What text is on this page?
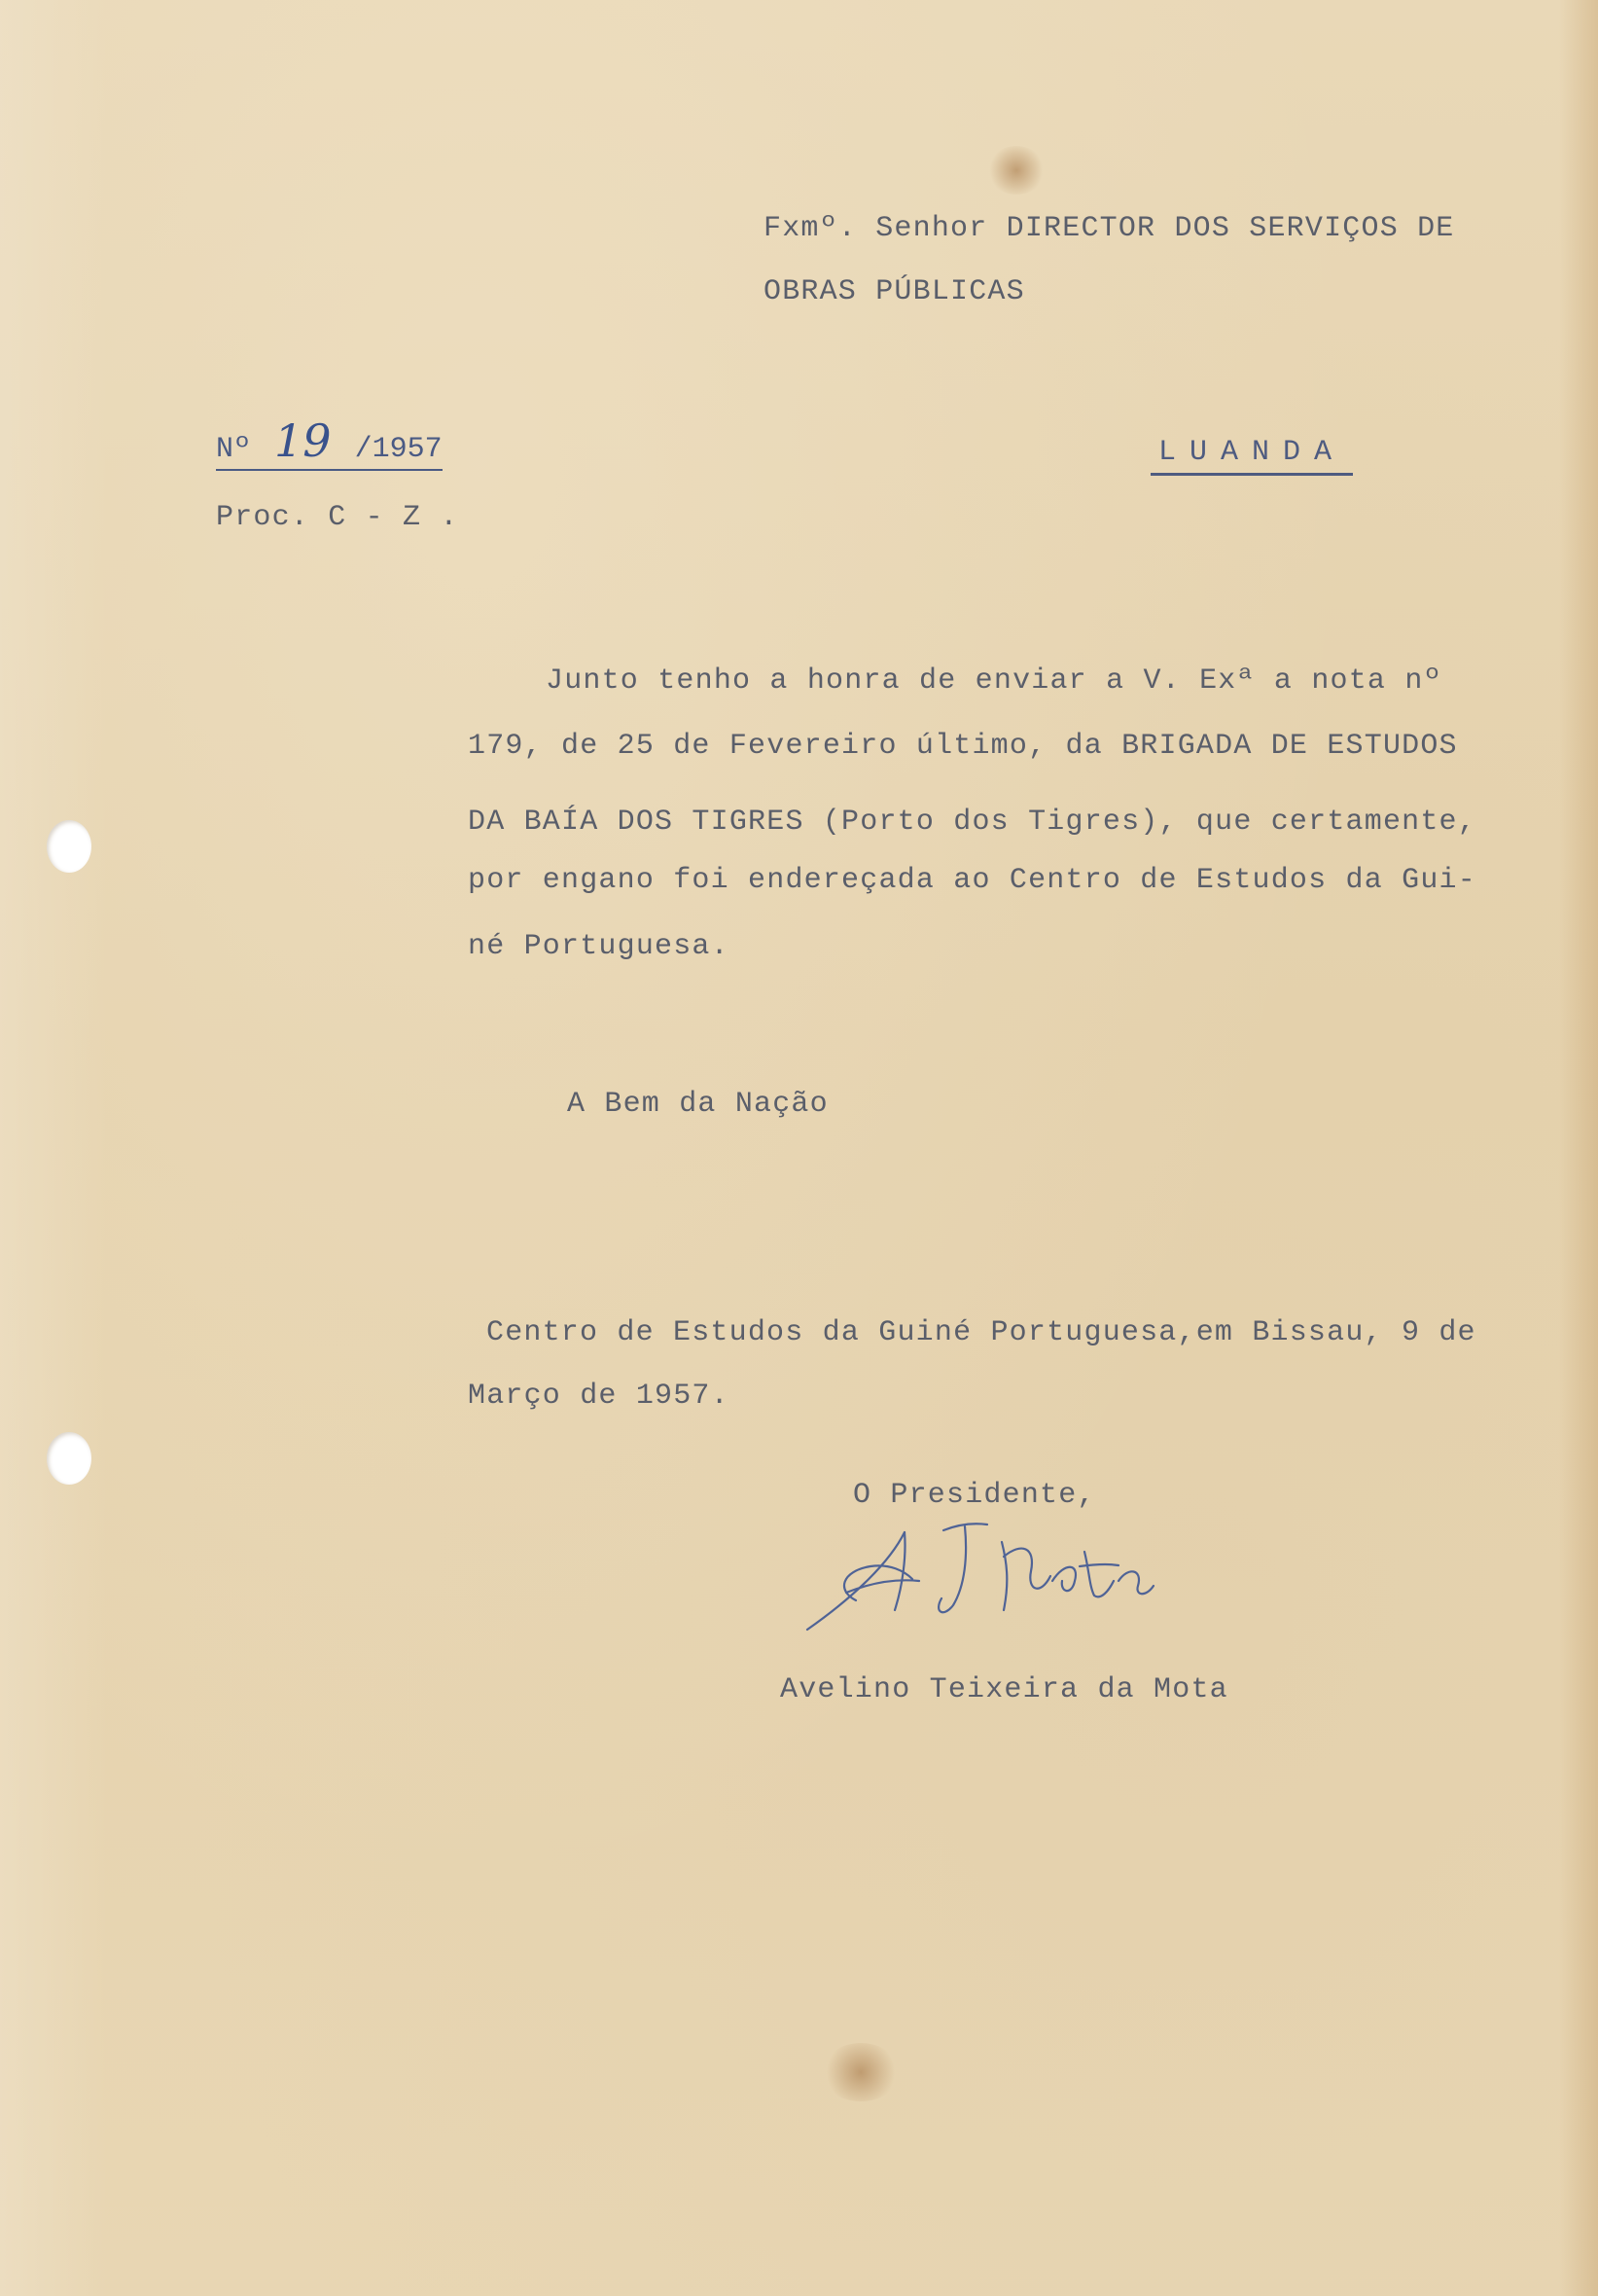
Fxmº. Senhor DIRECTOR DOS SERVIÇOS DE
OBRAS PÚBLICAS
Nº 19 /1957	LUANDA
Proc. C - Z .
Junto tenho a honra de enviar a V. Exª a nota nº
179, de 25 de Fevereiro último, da BRIGADA DE ESTUDOS
DA BAÍA DOS TIGRES (Porto dos Tigres), que certamente,
por engano foi endereçada ao Centro de Estudos da Gui-
né Portuguesa.
A Bem da Nação
Centro de Estudos da Guiné Portuguesa,em Bissau, 9 de
Março de 1957.
O Presidente,
Avelino Teixeira da Mota
